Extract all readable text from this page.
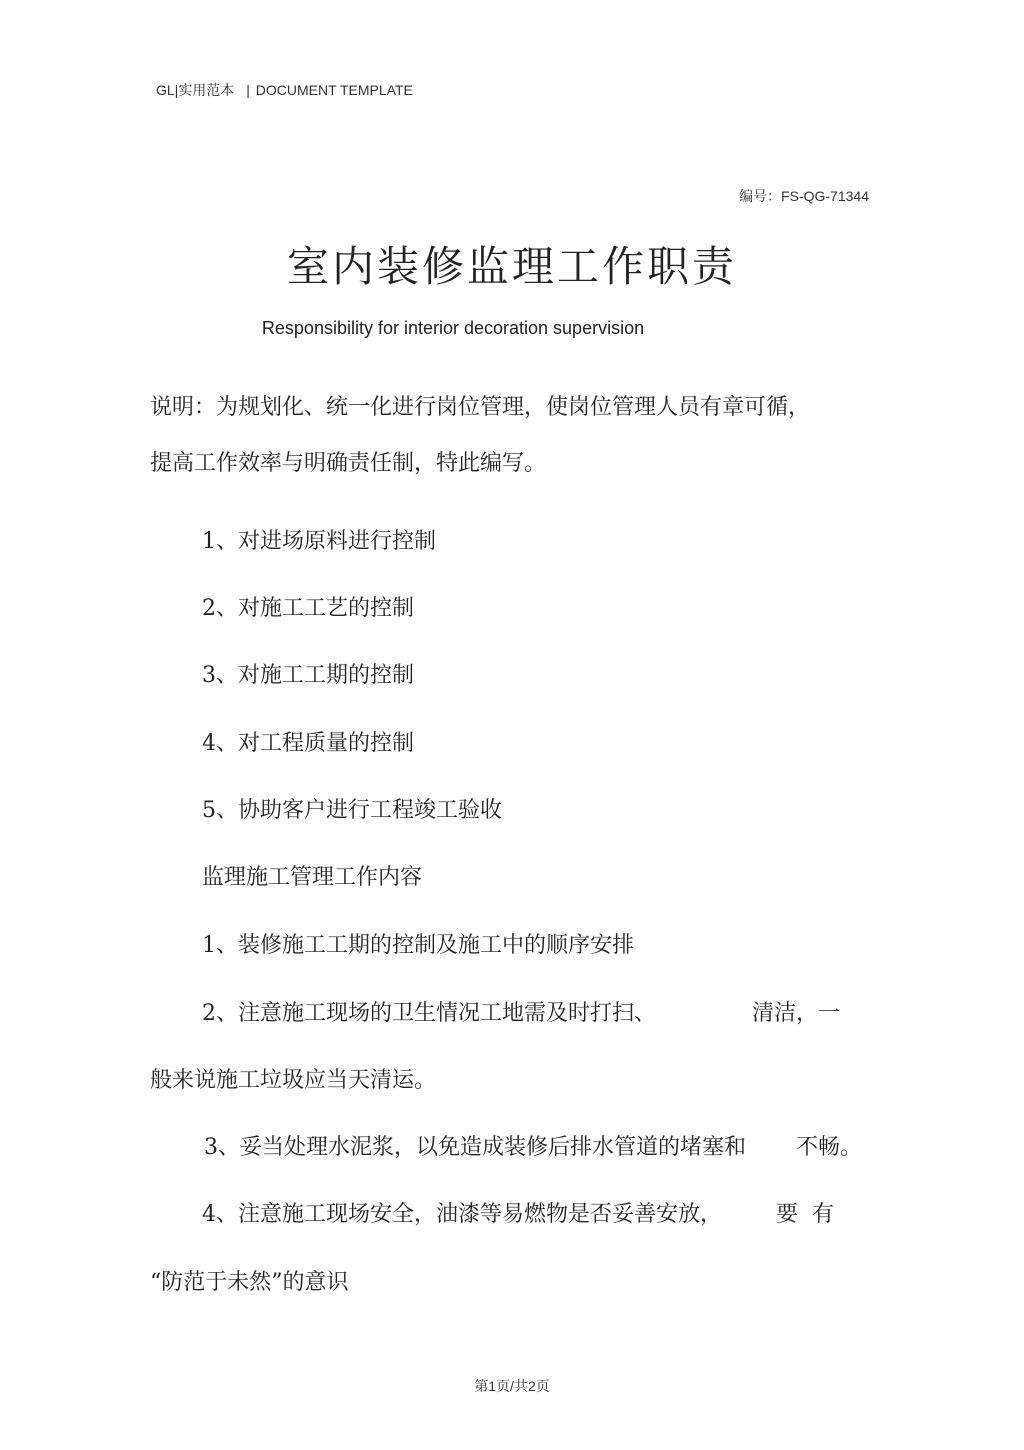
GL|实用范本 | DOCUMENT TEMPLATE
编号：FS-QG-71344
室内装修监理工作职责
Responsibility for interior decoration supervision
说明：为规划化、统一化进行岗位管理，使岗位管理人员有章可循，
提高工作效率与明确责任制，特此编写。
1、对进场原料进行控制
2、对施工工艺的控制
3、对施工工期的控制
4、对工程质量的控制
5、协助客户进行工程竣工验收
监理施工管理工作内容
1、装修施工工期的控制及施工中的顺序安排
2、注意施工现场的卫生情况工地需及时打扫、	清洁，一
般来说施工垃圾应当天清运。
3、妥当处理水泥浆，以免造成装修后排水管道的堵塞和 不畅。
4、注意施工现场安全，油漆等易燃物是否妥善安放， 要 有
“防范于未然”的意识
第1页/共2页
